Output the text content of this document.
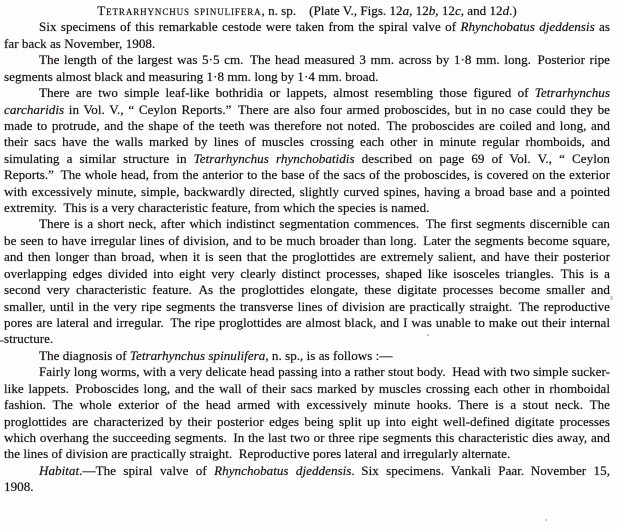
Tetrarhynchus spinulifera, n. sp.  (Plate V., Figs. 12a, 12b, 12c, and 12d.)

Six specimens of this remarkable cestode were taken from the spiral valve of Rhynchobatus djeddensis as far back as November, 1908.

The length of the largest was 5·5 cm. The head measured 3 mm. across by 1·8 mm. long. Posterior ripe segments almost black and measuring 1·8 mm. long by 1·4 mm. broad.

There are two simple leaf-like bothridia or lappets, almost resembling those figured of Tetrarhynchus carcharidis in Vol. V., “ Ceylon Reports.” There are also four armed proboscides, but in no case could they be made to protrude, and the shape of the teeth was therefore not noted. The proboscides are coiled and long, and their sacs have the walls marked by lines of muscles crossing each other in minute regular rhomboids, and simulating a similar structure in Tetrarhynchus rhynchobatidis described on page 69 of Vol. V., “ Ceylon Reports.” The whole head, from the anterior to the base of the sacs of the proboscides, is covered on the exterior with excessively minute, simple, backwardly directed, slightly curved spines, having a broad base and a pointed extremity. This is a very characteristic feature, from which the species is named.

There is a short neck, after which indistinct segmentation commences. The first segments discernible can be seen to have irregular lines of division, and to be much broader than long. Later the segments become square, and then longer than broad, when it is seen that the proglottides are extremely salient, and have their posterior overlapping edges divided into eight very clearly distinct processes, shaped like isosceles triangles. This is a second very characteristic feature. As the proglottides elongate, these digitate processes become smaller and smaller, until in the very ripe segments the transverse lines of division are practically straight. The reproductive pores are lateral and irregular. The ripe proglottides are almost black, and I was unable to make out their internal structure.

The diagnosis of Tetrarhynchus spinulifera, n. sp., is as follows :—

Fairly long worms, with a very delicate head passing into a rather stout body. Head with two simple sucker-like lappets. Proboscides long, and the wall of their sacs marked by muscles crossing each other in rhomboidal fashion. The whole exterior of the head armed with excessively minute hooks. There is a stout neck. The proglottides are characterized by their posterior edges being split up into eight well-defined digitate processes which overhang the succeeding segments. In the last two or three ripe segments this characteristic dies away, and the lines of division are practically straight. Reproductive pores lateral and irregularly alternate.

Habitat.—The spiral valve of Rhynchobatus djeddensis. Six specimens. Vankali Paar. November 15, 1908.
